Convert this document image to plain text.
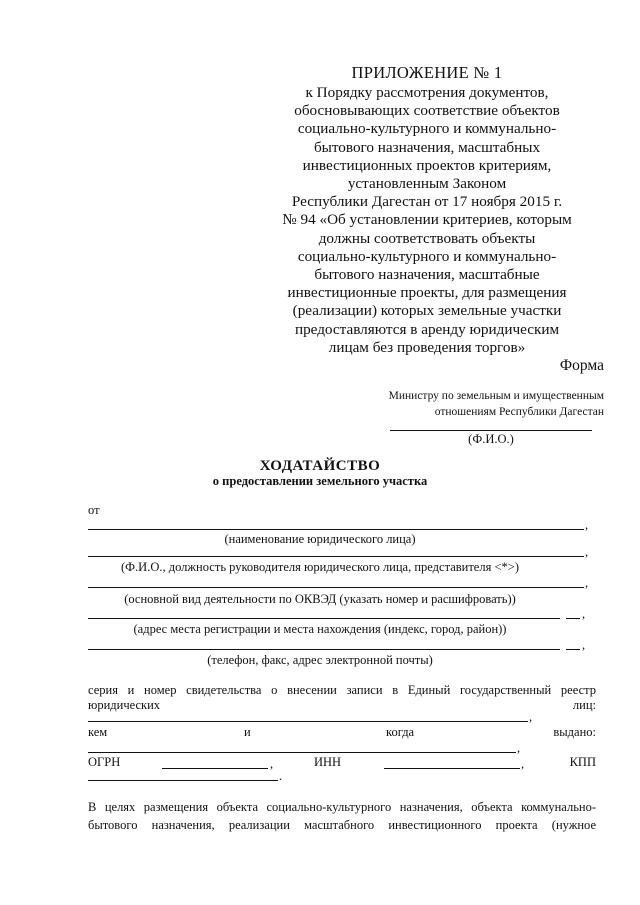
ПРИЛОЖЕНИЕ № 1
к Порядку рассмотрения документов,
обосновывающих соответствие объектов
социально-культурного и коммунально-
бытового назначения, масштабных
инвестиционных проектов критериям,
установленным Законом
Республики Дагестан от 17 ноября 2015 г.
№ 94 «Об установлении критериев, которым
должны соответствовать объекты
социально-культурного и коммунально-
бытового назначения, масштабные
инвестиционные проекты, для размещения
(реализации) которых земельные участки
предоставляются в аренду юридическим
лицам без проведения торгов»
Форма
Министру по земельным и имущественным
отношениям Республики Дагестан
(Ф.И.О.)
ХОДАТАЙСТВО
о предоставлении земельного участка
от
,
(наименование юридического лица)
,
(Ф.И.О., должность руководителя юридического лица, представителя <*>)
,
(основной вид деятельности по ОКВЭД (указать номер и расшифровать))
,
(адрес места регистрации и места нахождения (индекс, город, район))
,
(телефон, факс, адрес электронной почты)
серия и номер свидетельства о внесении записи в Единый государственный реестр
юридических	лиц:
,
кем	и	когда	выдано:
,
ОГРН	,	ИНН	,	КПП
.
В целях размещения объекта социально-культурного назначения, объекта коммунально-
бытового назначения, реализации масштабного инвестиционного проекта (нужное
